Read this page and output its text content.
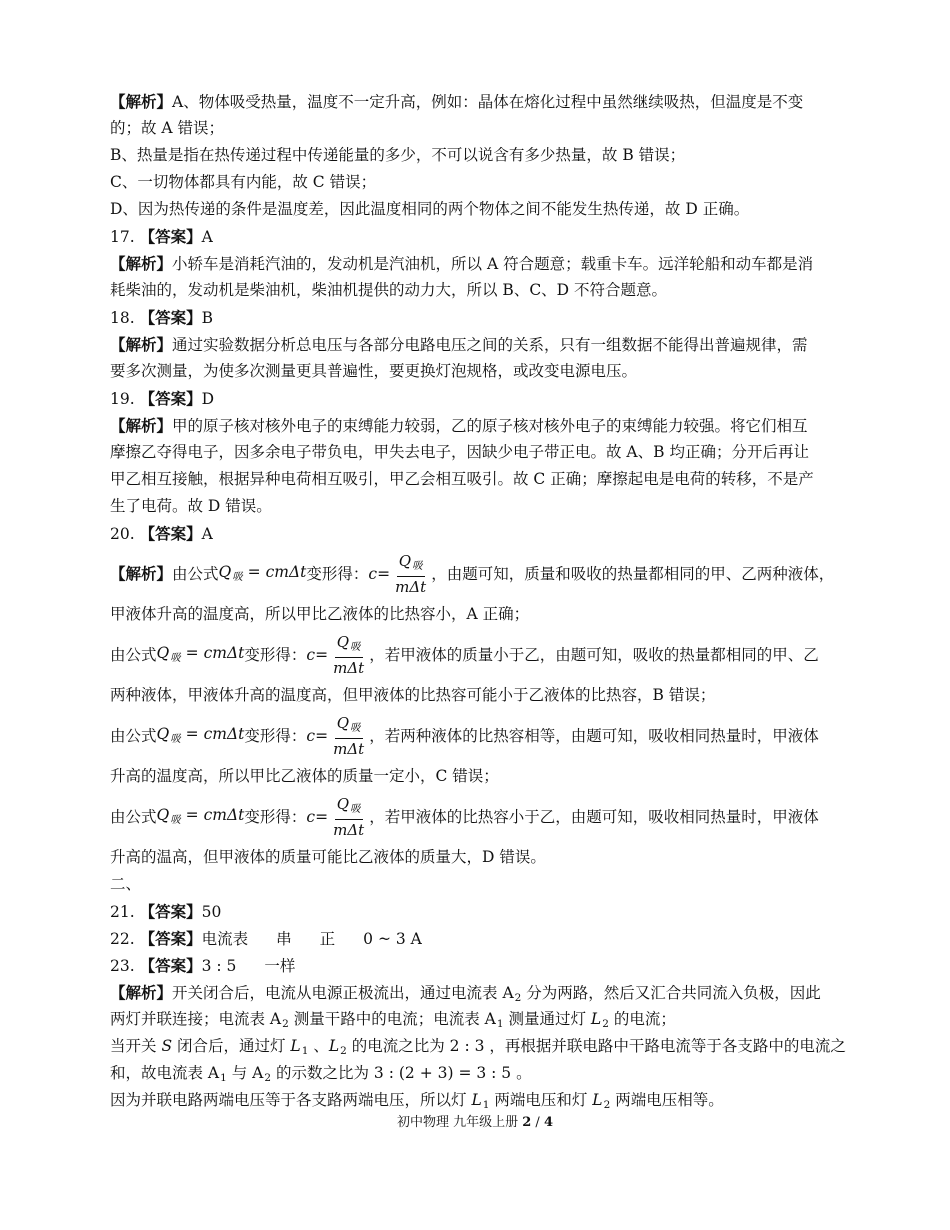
【解析】A、物体吸受热量，温度不一定升高，例如：晶体在熔化过程中虽然继续吸热，但温度是不变
的；故 A 错误；
B、热量是指在热传递过程中传递能量的多少，不可以说含有多少热量，故 B 错误；
C、一切物体都具有内能，故 C 错误；
D、因为热传递的条件是温度差，因此温度相同的两个物体之间不能发生热传递，故 D 正确。
17. 【答案】A
【解析】小轿车是消耗汽油的，发动机是汽油机，所以 A 符合题意；载重卡车。远洋轮船和动车都是消
耗柴油的，发动机是柴油机，柴油机提供的动力大，所以 B、C、D 不符合题意。
18. 【答案】B
【解析】通过实验数据分析总电压与各部分电路电压之间的关系，只有一组数据不能得出普遍规律，需
要多次测量，为使多次测量更具普遍性，要更换灯泡规格，或改变电源电压。
19. 【答案】D
【解析】甲的原子核对核外电子的束缚能力较弱，乙的原子核对核外电子的束缚能力较强。将它们相互
摩擦乙夺得电子，因多余电子带负电，甲失去电子，因缺少电子带正电。故 A、B 均正确；分开后再让
甲乙相互接触，根据异种电荷相互吸引，甲乙会相互吸引。故 C 正确；摩擦起电是电荷的转移，不是产
生了电荷。故 D 错误。
20. 【答案】A
【解析】 由公式 $Q_吸 = cm\Delta t$ 变形得： $c = \frac{Q_吸}{\text{mΔt}}$ ，由题可知，质量和吸收的热量都相同的甲、乙两种液体，
甲液体升高的温度高，所以甲比乙液体的比热容小，A 正确；
由公式 $Q_吸 = cm\Delta t$ 变形得： $c = \frac{Q_吸}{\text{mΔt}}$ ，若甲液体的质量小于乙，由题可知，吸收的热量都相同的甲、乙
两种液体，甲液体升高的温度高，但甲液体的比热容可能小于乙液体的比热容，B 错误；
由公式 $Q_吸 = cm\Delta t$ 变形得： $c = \frac{Q_吸}{\text{mΔt}}$ ，若两种液体的比热容相等，由题可知，吸收相同热量时，甲液体
升高的温度高，所以甲比乙液体的质量一定小，C 错误；
由公式 $Q_吸 = cm\Delta t$ 变形得： $c = \frac{Q_吸}{\text{mΔt}}$ ，若甲液体的比热容小于乙，由题可知，吸收相同热量时，甲液体
升高的温高，但甲液体的质量可能比乙液体的质量大，D 错误。
二、
21. 【答案】50
22. 【答案】电流表 串 正 0 ~ 3 A
23. 【答案】3 : 5 一样
【解析】开关闭合后，电流从电源正极流出，通过电流表 $A_2$ 分为两路，然后又汇合共同流入负极，因此
两灯并联连接；电流表 $A_2$ 测量干路中的电流；电流表 $A_1$ 测量通过灯 $L_2$ 的电流；
当开关 S 闭合后，通过灯 $L_1$ 、$L_2$ 的电流之比为 2 : 3 ，再根据并联电路中干路电流等于各支路中的电流之
和，故电流表 $A_1$ 与 $A_2$ 的示数之比为 3 : (2 + 3) = 3 : 5 。
因为并联电路两端电压等于各支路两端电压，所以灯 $L_1$ 两端电压和灯 $L_2$ 两端电压相等。
初中物理 九年级上册 2 / 4
